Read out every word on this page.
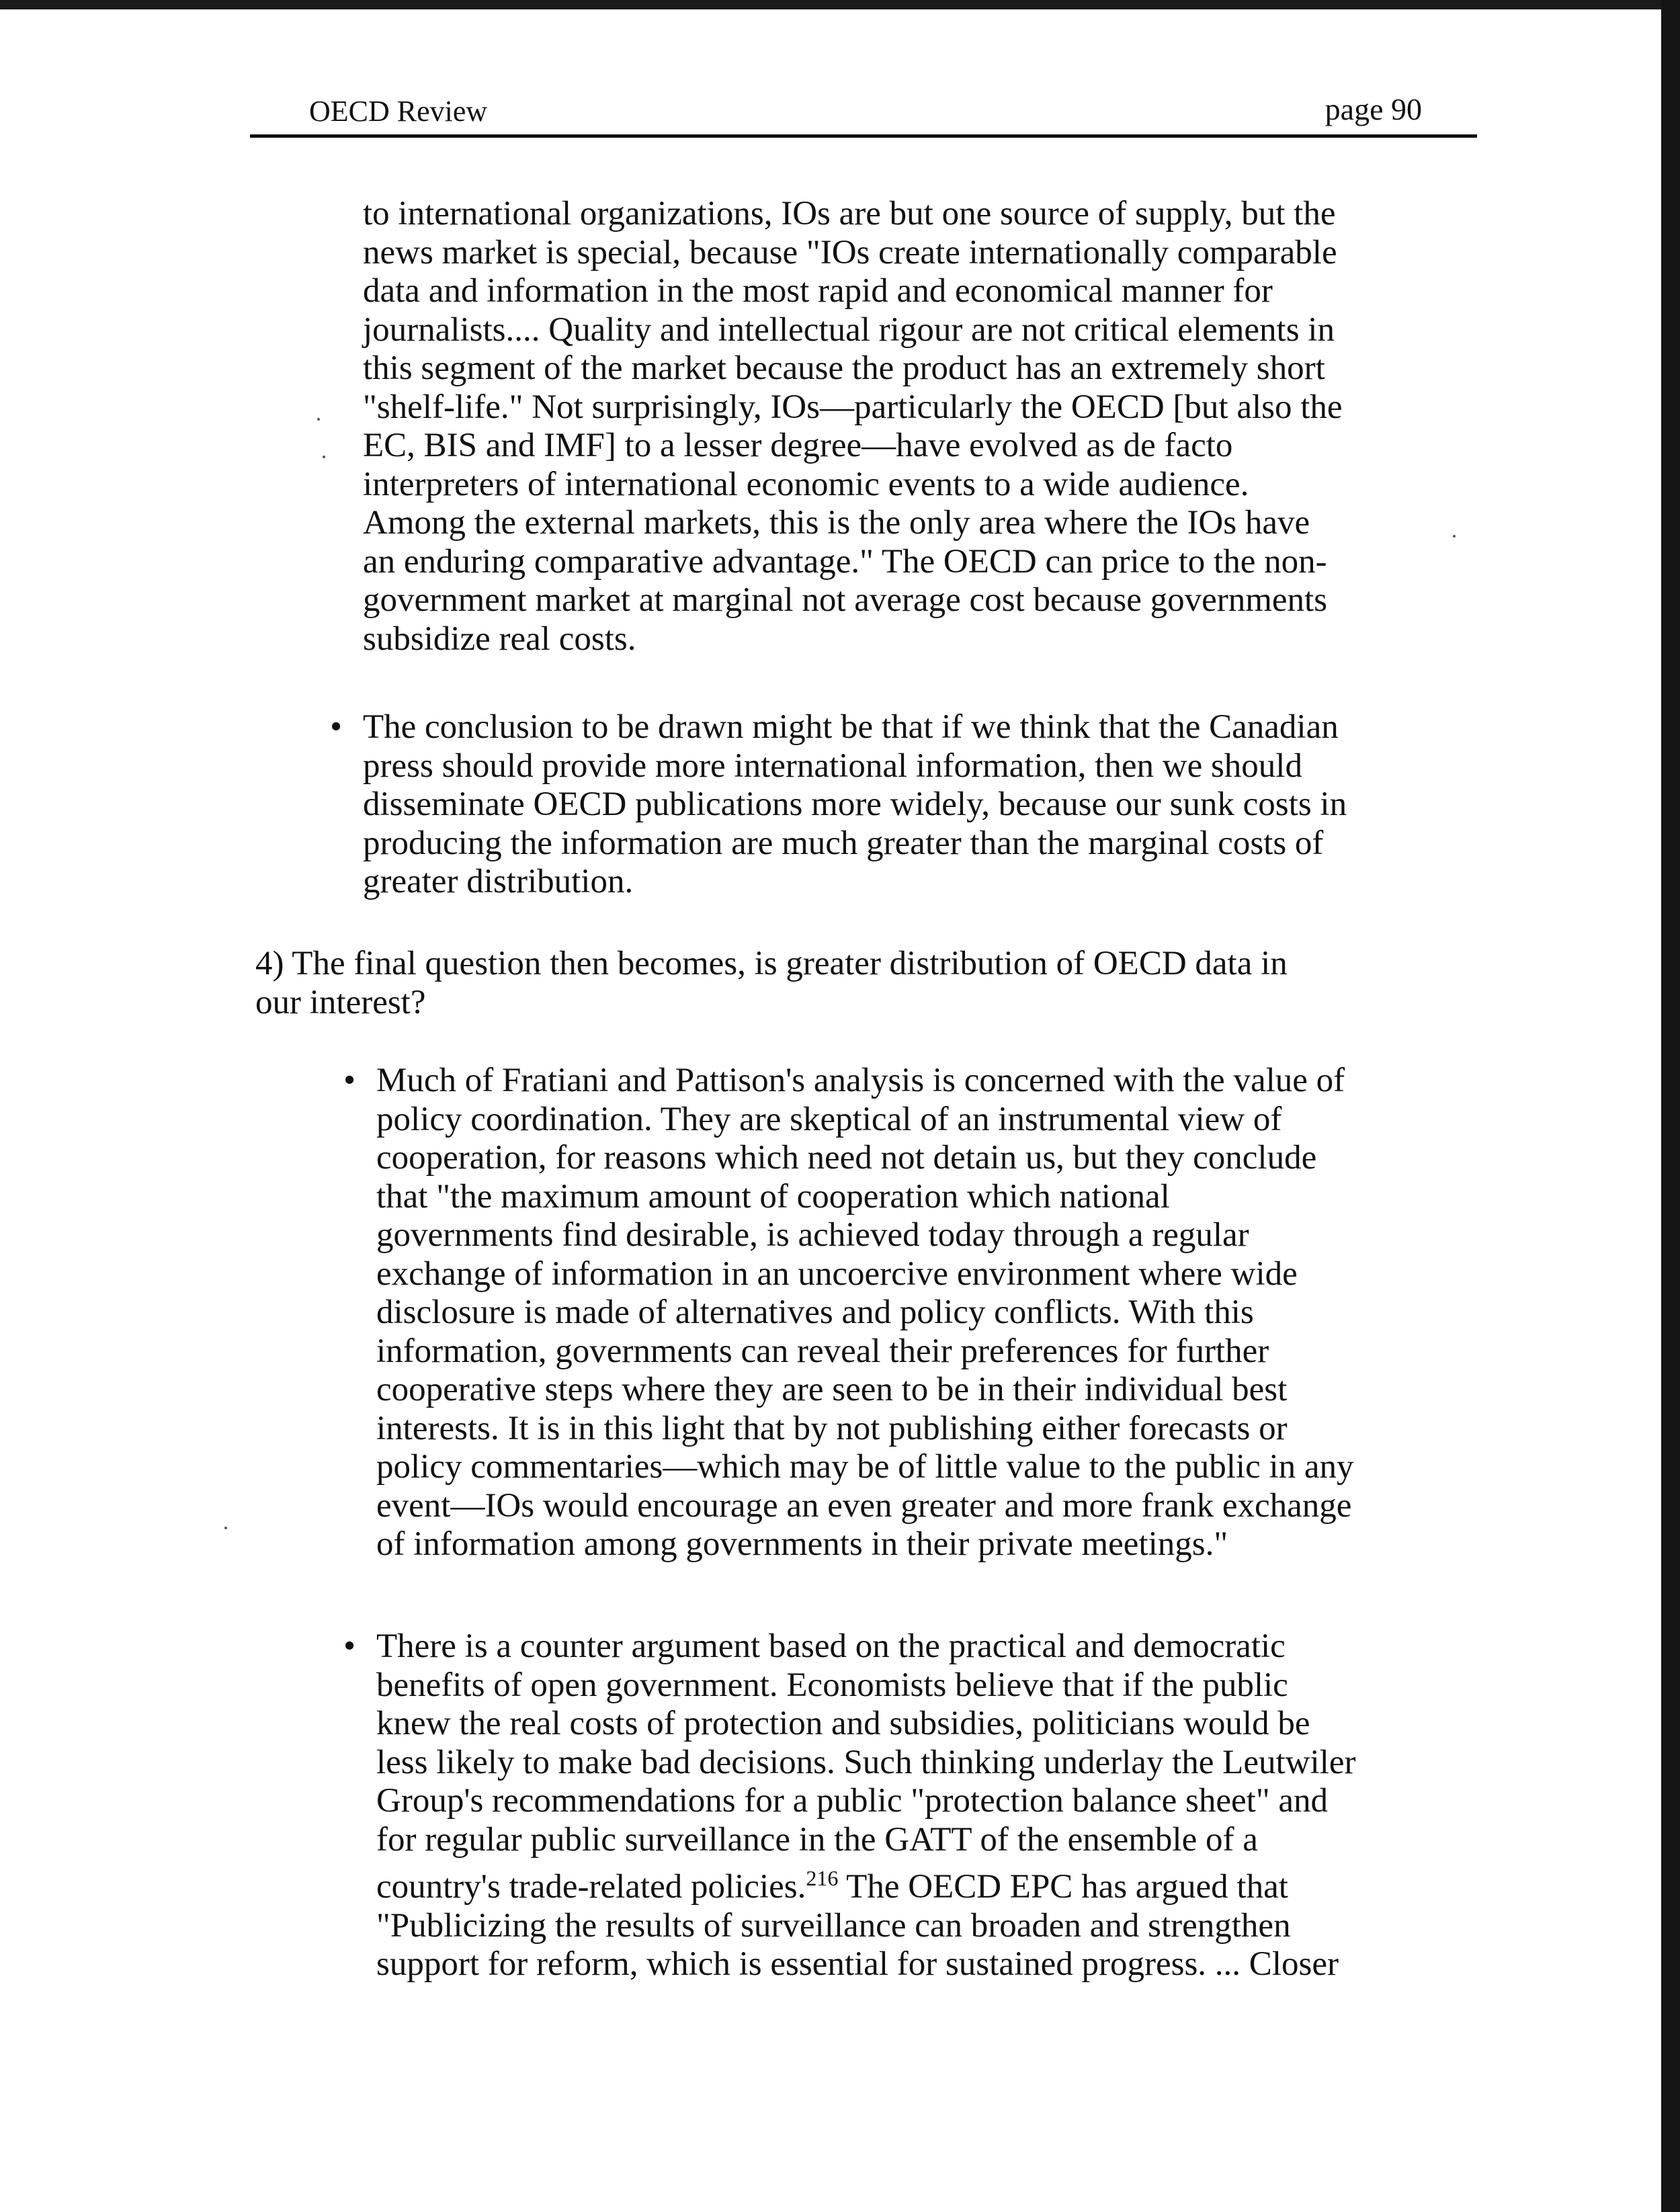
OECD Review	page 90
to international organizations, IOs are but one source of supply, but the
news market is special, because "IOs create internationally comparable
data and information in the most rapid and economical manner for
journalists.... Quality and intellectual rigour are not critical elements in
this segment of the market because the product has an extremely short
"shelf-life." Not surprisingly, IOs—particularly the OECD [but also the
EC, BIS and IMF] to a lesser degree—have evolved as de facto
interpreters of international economic events to a wide audience.
Among the external markets, this is the only area where the IOs have
an enduring comparative advantage." The OECD can price to the non-
government market at marginal not average cost because governments
subsidize real costs.
• The conclusion to be drawn might be that if we think that the Canadian
press should provide more international information, then we should
disseminate OECD publications more widely, because our sunk costs in
producing the information are much greater than the marginal costs of
greater distribution.
4) The final question then becomes, is greater distribution of OECD data in
our interest?
• Much of Fratiani and Pattison's analysis is concerned with the value of
policy coordination. They are skeptical of an instrumental view of
cooperation, for reasons which need not detain us, but they conclude
that "the maximum amount of cooperation which national
governments find desirable, is achieved today through a regular
exchange of information in an uncoercive environment where wide
disclosure is made of alternatives and policy conflicts. With this
information, governments can reveal their preferences for further
cooperative steps where they are seen to be in their individual best
interests. It is in this light that by not publishing either forecasts or
policy commentaries—which may be of little value to the public in any
event—IOs would encourage an even greater and more frank exchange
of information among governments in their private meetings."
• There is a counter argument based on the practical and democratic
benefits of open government. Economists believe that if the public
knew the real costs of protection and subsidies, politicians would be
less likely to make bad decisions. Such thinking underlay the Leutwiler
Group's recommendations for a public "protection balance sheet" and
for regular public surveillance in the GATT of the ensemble of a
country's trade-related policies.$^{216}$ The OECD EPC has argued that
"Publicizing the results of surveillance can broaden and strengthen
support for reform, which is essential for sustained progress. ... Closer
